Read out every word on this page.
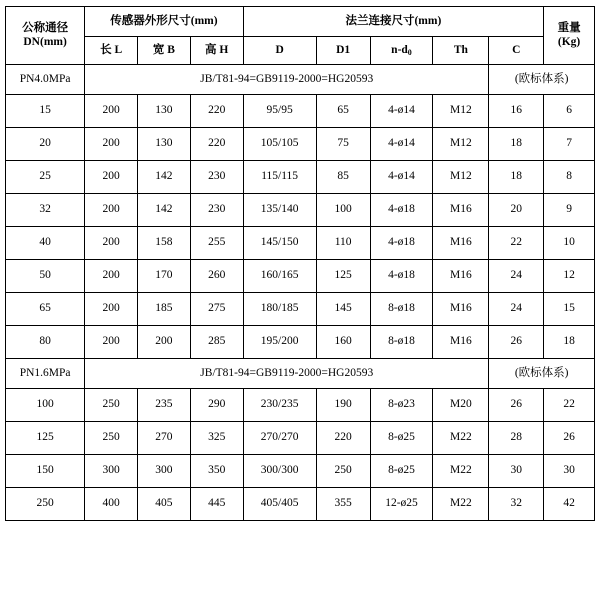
公称通径
DN(mm)	传感器外形尺寸(mm)			法兰连接尺寸(mm)					重量
(Kg)

	长 L	宽 B	高 H	D	D1	$n-d_0$	Th	C	
PN4.0MPa	JB/T81-94=GB9119-2000=HG20593							(欧标体系)	
15	200	130	220	95/95	65	4-ø14	M12	16	6
20	200	130	220	105/105	75	4-ø14	M12	18	7
25	200	142	230	115/115	85	4-ø14	M12	18	8
32	200	142	230	135/140	100	4-ø18	M16	20	9
40	200	158	255	145/150	110	4-ø18	M16	22	10
50	200	170	260	160/165	125	4-ø18	M16	24	12
65	200	185	275	180/185	145	8-ø18	M16	24	15
80	200	200	285	195/200	160	8-ø18	M16	26	18
PN1.6MPa	JB/T81-94=GB9119-2000=HG20593							(欧标体系)	
100	250	235	290	230/235	190	8-ø23	M20	26	22
125	250	270	325	270/270	220	8-ø25	M22	28	26
150	300	300	350	300/300	250	8-ø25	M22	30	30
250	400	405	445	405/405	355	12-ø25	M22	32	42
